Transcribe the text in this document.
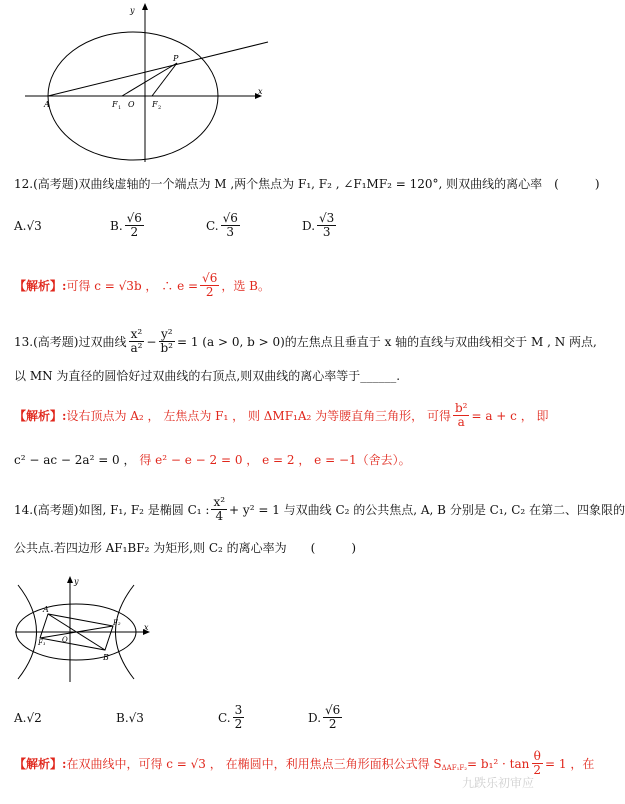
y
x
P
A	F 1 O F 2
12.(高考题)双曲线虚轴的一个端点为 M ,两个焦点为 F₁, F₂ , ∠F₁MF₂ = 120°, 则双曲线的离心率　(　　　)
A. √3	B. $\frac{√6}{2}$	C. $\frac{√6}{3}$	D. $\frac{√3}{3}$
【解析】: 可得 c = √3b ， ∴ $e = \frac{√6}{2}$ ，选 B。
13.(高考题)过双曲线 $\frac{\text{x²}}{\text{a²}} - \frac{\text{y²}}{\text{b²}} = 1$ (a > 0, b > 0) 的左焦点且垂直于 x 轴的直线与双曲线相交于 M , N 两点,
以 MN 为直径的圆恰好过双曲线的右顶点,则双曲线的离心率等于______.
【解析】: 设右顶点为 A₂ ， 左焦点为 F₁ ， 则 ΔMF₁A₂ 为等腰直角三角形， 可得 $\frac{\text{b²}}{a} = a + c$ ， 即
c² − ac − 2a² = 0 ， 得 e² − e − 2 = 0 ， e = 2 ， e = −1（舍去）。
14.(高考题)如图, F₁, F₂ 是椭圆 C₁ : $\frac{\text{x²}}{4} + y^2 = 1$ 与双曲线 C₂ 的公共焦点, A, B 分别是 C₁, C₂ 在第二、四象限的
公共点.若四边形 AF₁BF₂ 为矩形,则 C₂ 的离心率为　　(　　　)
x
y
A
F₁ O
F₂
B
A. √2	B. √3	C. $\frac{3}{2}$	D. $\frac{√6}{2}$
【解析】: 在双曲线中，可得 c = √3 ， 在椭圆中，利用焦点三角形面积公式得 S $\Delta AF_1F_2 = b_1^2 \cdot \tan \frac{\theta}{2} = 1$ ，在
九跌乐初审应
